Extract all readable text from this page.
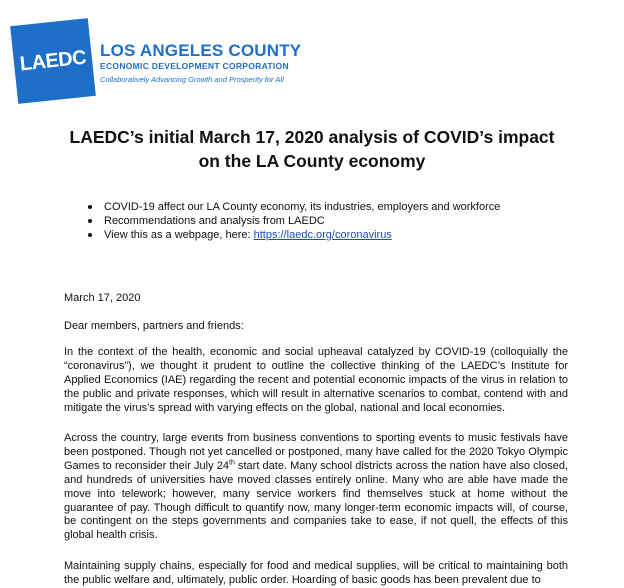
LAEDC LOS ANGELES COUNTY
ECONOMIC DEVELOPMENT CORPORATION
Collaboratively Advancing Growth and Prosperity for All
LAEDC’s initial March 17, 2020 analysis of COVID’s impact
on the LA County economy
COVID-19 affect our LA County economy, its industries, employers and workforce
Recommendations and analysis from LAEDC
View this as a webpage, here: https://laedc.org/coronavirus
March 17, 2020
Dear members, partners and friends:
In the context of the health, economic and social upheaval catalyzed by COVID-19 (colloquially the “coronavirus”), we thought it prudent to outline the collective thinking of the LAEDC’s Institute for Applied Economics (IAE) regarding the recent and potential economic impacts of the virus in relation to the public and private responses, which will result in alternative scenarios to combat, contend with and mitigate the virus’s spread with varying effects on the global, national and local economies.
Across the country, large events from business conventions to sporting events to music festivals have been postponed. Though not yet cancelled or postponed, many have called for the 2020 Tokyo Olympic Games to reconsider their July 24th start date. Many school districts across the nation have also closed, and hundreds of universities have moved classes entirely online. Many who are able have made the move into telework; however, many service workers find themselves stuck at home without the guarantee of pay. Though difficult to quantify now, many longer-term economic impacts will, of course, be contingent on the steps governments and companies take to ease, if not quell, the effects of this global health crisis.
Maintaining supply chains, especially for food and medical supplies, will be critical to maintaining both the public welfare and, ultimately, public order. Hoarding of basic goods has been prevalent due to
